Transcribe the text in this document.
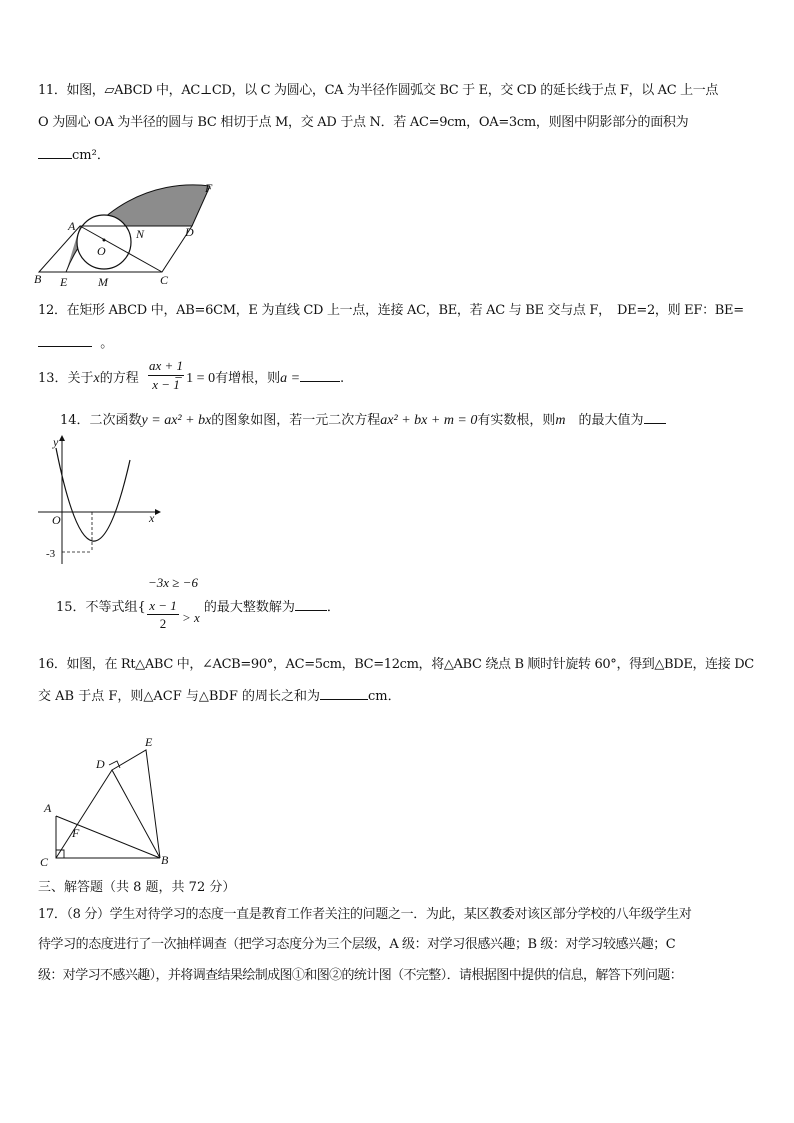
11．如图，▱ABCD 中，AC⊥CD，以 C 为圆心，CA 为半径作圆弧交 BC 于 E，交 CD 的延长线于点 F，以 AC 上一点
O 为圆心 OA 为半径的圆与 BC 相切于点 M，交 AD 于点 N．若 AC=9cm，OA=3cm，则图中阴影部分的面积为
cm²．
F
A
N	D
O
B E	M	C
12．在矩形 ABCD 中，AB=6CM，E 为直线 CD 上一点，连接 AC，BE，若 AC 与 BE 交与点 F，　DE=2，则 EF：BE=
。
13．关于x的方程	− 1 = 0有增根，则a =	.
ax + 1
x − 1
14．二次函数y = ax² + bx的图象如图，若一元二次方程ax² + bx + m = 0有实数根，则m　的最大值为
y
x
O
-3
−3x ≥ −6
15．不等式组{	的最大整数解为 ．
x − 1
2	> x
16．如图，在 Rt△ABC 中，∠ACB=90°，AC=5cm，BC=12cm，将△ABC 绕点 B 顺时针旋转 60°，得到△BDE，连接 DC
交 AB 于点 F，则△ACF 与△BDF 的周长之和为	cm．
E
D
A
F
C	B
三、解答题（共 8 题，共 72 分）
17．（8 分）学生对待学习的态度一直是教育工作者关注的问题之一．为此，某区教委对该区部分学校的八年级学生对
待学习的态度进行了一次抽样调查（把学习态度分为三个层级，A 级：对学习很感兴趣；B 级：对学习较感兴趣；C
级：对学习不感兴趣），并将调查结果绘制成图①和图②的统计图（不完整）．请根据图中提供的信息，解答下列问题：
